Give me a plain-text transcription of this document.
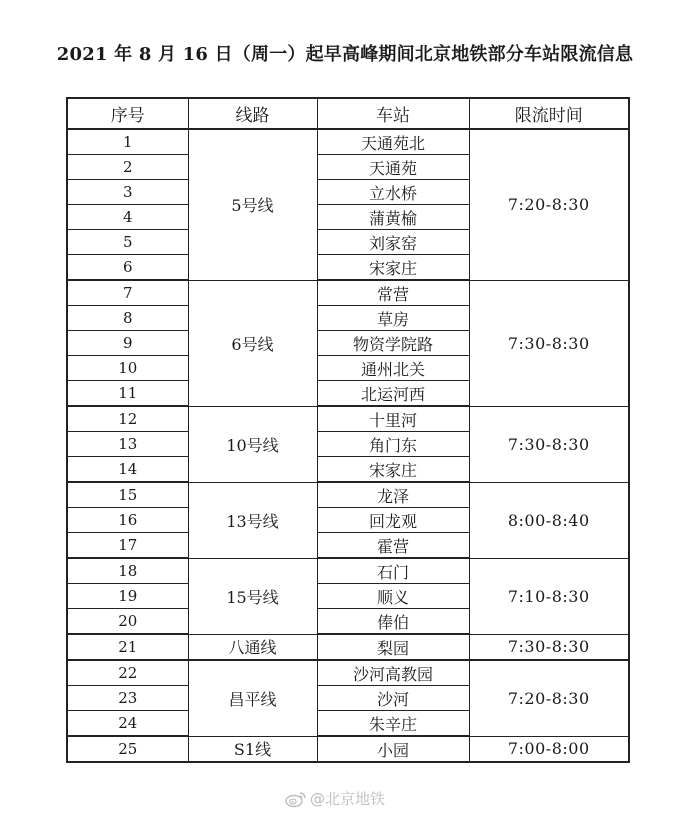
2021 年 8 月 16 日（周一）起早高峰期间北京地铁部分车站限流信息
序号	线路	车站	限流时间
1	5号线	天通苑北	7:20-8:30
2		天通苑	
3		立水桥	
4		蒲黄榆	
5		刘家窑	
6		宋家庄	
7	6号线	常营	7:30-8:30
8		草房	
9		物资学院路	
10		通州北关	
11		北运河西	
12	10号线	十里河	7:30-8:30
13		角门东	
14		宋家庄	
15	13号线	龙泽	8:00-8:40
16		回龙观	
17		霍营	
18	15号线	石门	7:10-8:30
19		顺义	
20		俸伯	
21	八通线	梨园	7:30-8:30
22	昌平线	沙河高教园	7:20-8:30
23		沙河	
24		朱辛庄	
25	S1线	小园	7:00-8:00
@北京地铁
